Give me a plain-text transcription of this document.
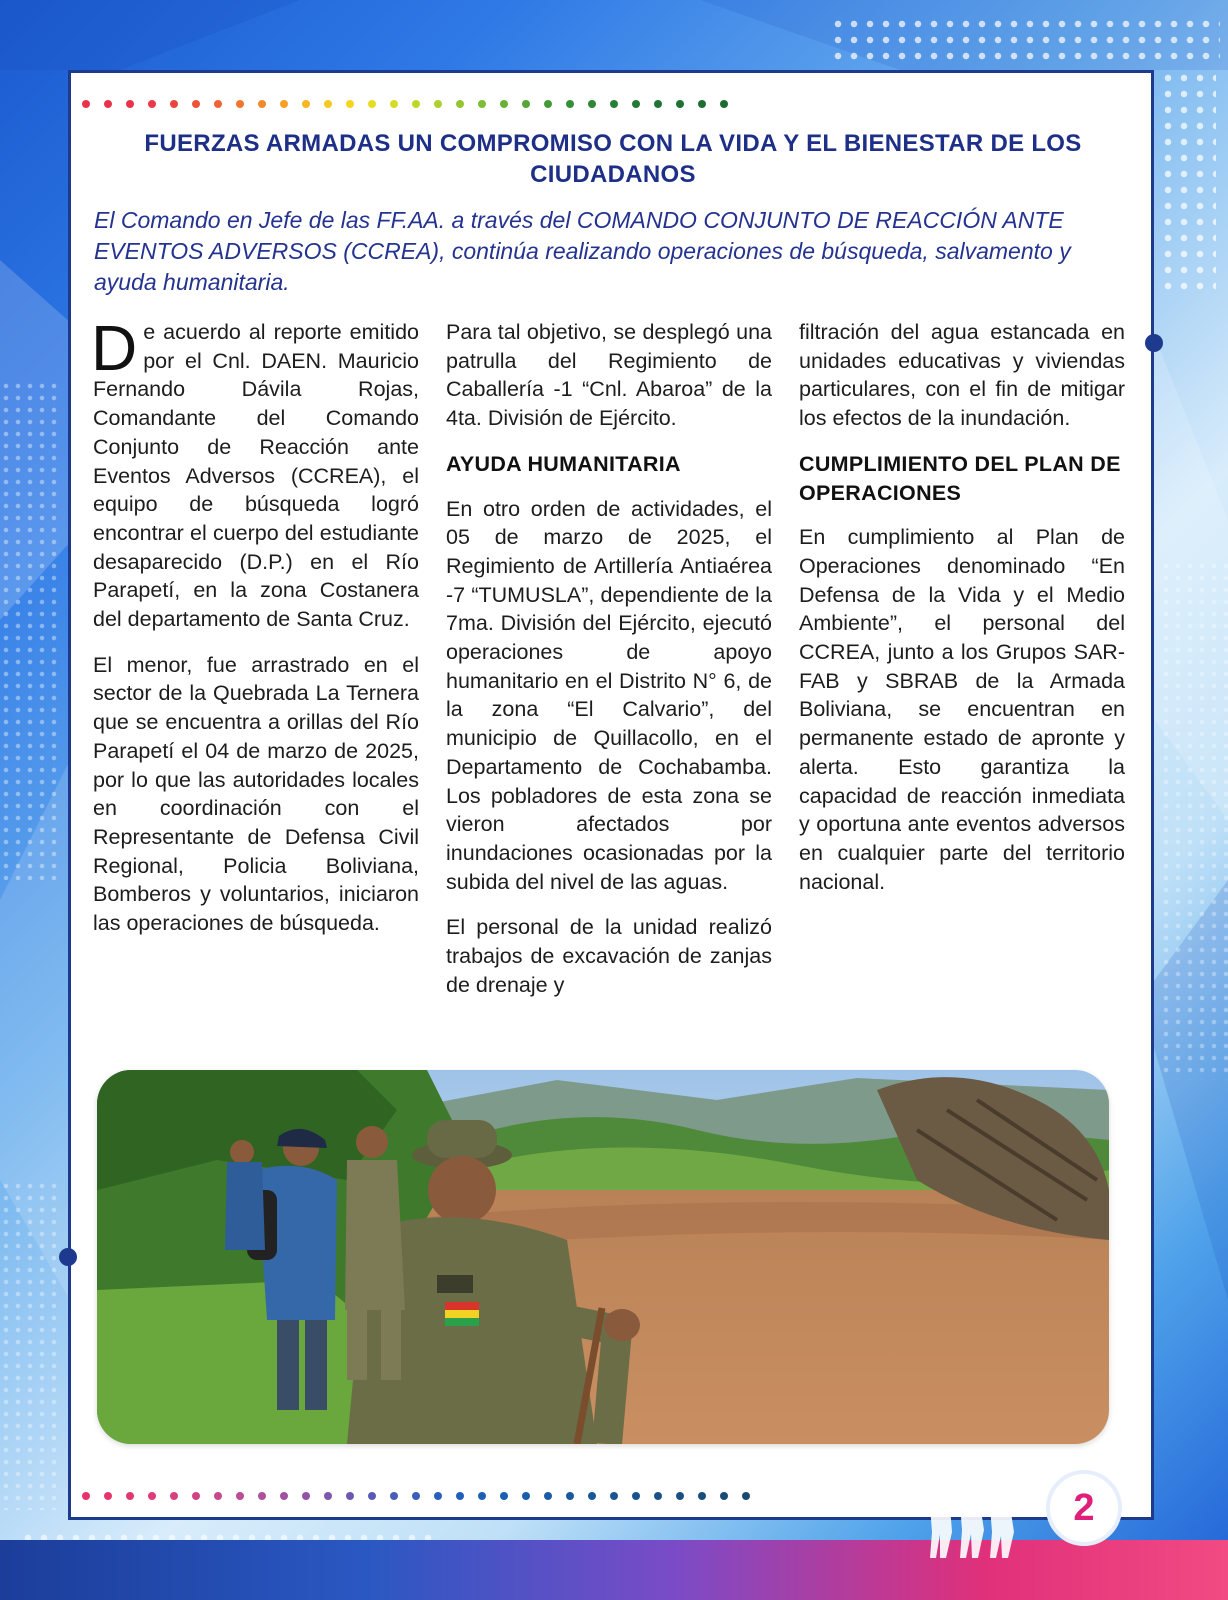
FUERZAS ARMADAS UN COMPROMISO CON LA VIDA Y EL BIENESTAR DE LOS CIUDADANOS
El Comando en Jefe de las FF.AA. a través del COMANDO CONJUNTO DE REACCIÓN ANTE EVENTOS ADVERSOS (CCREA), continúa realizando operaciones de búsqueda, salvamento y ayuda humanitaria.

De acuerdo al reporte emitido por el Cnl. DAEN. Mauricio Fernando Dávila Rojas, Comandante del Comando Conjunto de Reacción ante Eventos Adversos (CCREA), el equipo de búsqueda logró encontrar el cuerpo del estudiante desaparecido (D.P.) en el Río Parapetí, en la zona Costanera del departamento de Santa Cruz.

El menor, fue arrastrado en el sector de la Quebrada La Ternera que se encuentra a orillas del Río Parapetí el 04 de marzo de 2025, por lo que las autoridades locales en coordinación con el Representante de Defensa Civil Regional, Policia Boliviana, Bomberos y voluntarios, iniciaron las operaciones de búsqueda.

Para tal objetivo, se desplegó una patrulla del Regimiento de Caballería -1 “Cnl. Abaroa” de la 4ta. División de Ejército.

AYUDA HUMANITARIA

En otro orden de actividades, el 05 de marzo de 2025, el Regimiento de Artillería Antiaérea -7 “TUMUSLA”, dependiente de la 7ma. División del Ejército, ejecutó operaciones de apoyo humanitario en el Distrito N° 6, de la zona “El Calvario”, del municipio de Quillacollo, en el Departamento de Cochabamba. Los pobladores de esta zona se vieron afectados por inundaciones ocasionadas por la subida del nivel de las aguas.

El personal de la unidad realizó trabajos de excavación de zanjas de drenaje y

filtración del agua estancada en unidades educativas y viviendas particulares, con el fin de mitigar los efectos de la inundación.

CUMPLIMIENTO DEL PLAN DE OPERACIONES

En cumplimiento al Plan de Operaciones denominado “En Defensa de la Vida y el Medio Ambiente”, el personal del CCREA, junto a los Grupos SAR-FAB y SBRAB de la Armada Boliviana, se encuentran en permanente estado de apronte y alerta. Esto garantiza la capacidad de reacción inmediata y oportuna ante eventos adversos en cualquier parte del territorio nacional.

2
